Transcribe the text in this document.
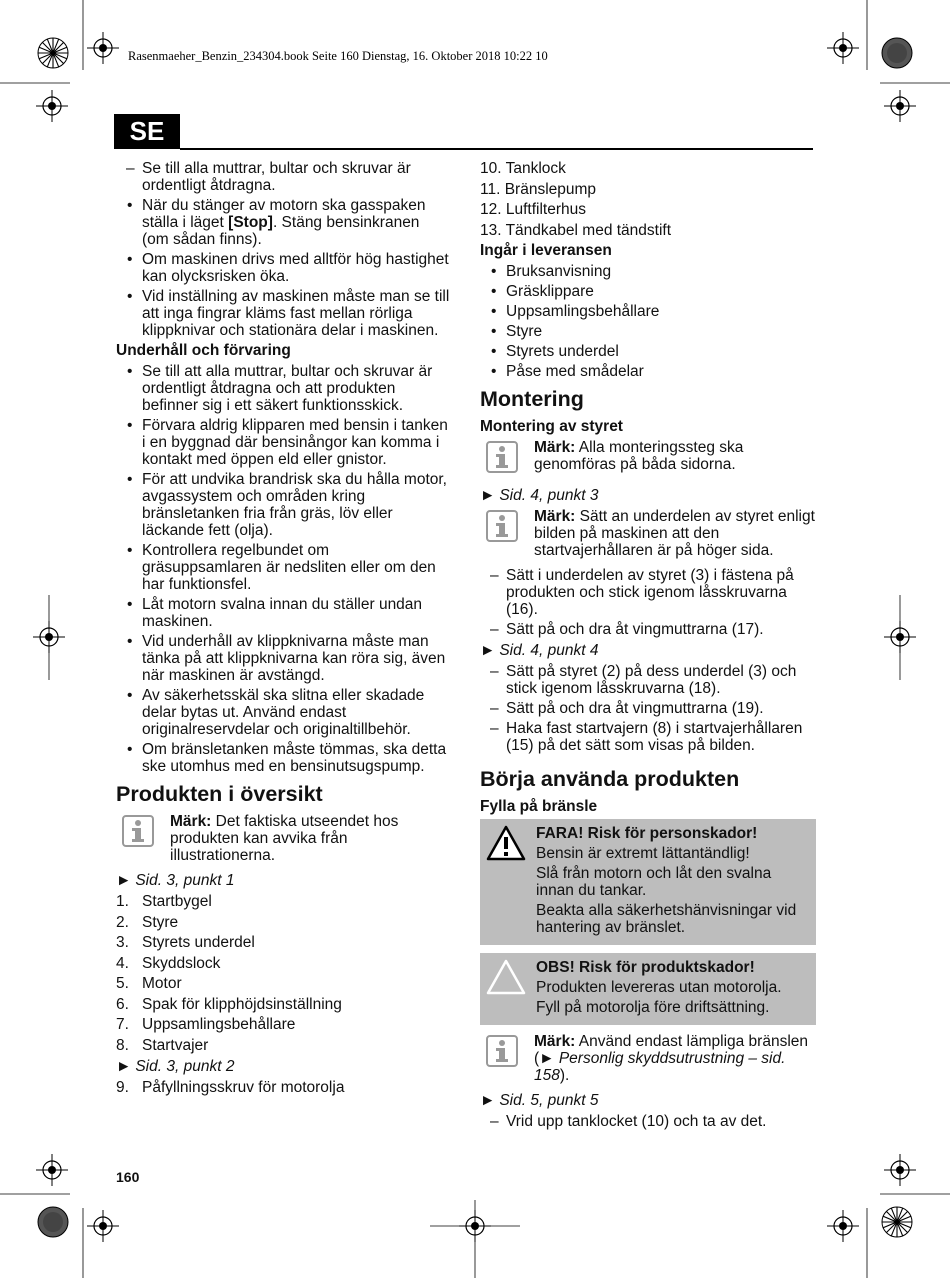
Rasenmaeher_Benzin_234304.book Seite 160 Dienstag, 16. Oktober 2018 10:22 10
SE

– Se till alla muttrar, bultar och skruvar är ordentligt åtdragna.

• När du stänger av motorn ska gasspaken ställa i läget [Stop]. Stäng bensinkranen (om sådan finns).

• Om maskinen drivs med alltför hög hastighet kan olycksrisken öka.

• Vid inställning av maskinen måste man se till att inga fingrar kläms fast mellan rörliga klippknivar och stationära delar i maskinen.

Underhåll och förvaring

• Se till att alla muttrar, bultar och skruvar är ordentligt åtdragna och att produkten befinner sig i ett säkert funktionsskick.

• Förvara aldrig klipparen med bensin i tanken i en byggnad där bensinångor kan komma i kontakt med öppen eld eller gnistor.

• För att undvika brandrisk ska du hålla motor, avgassystem och områden kring bränsletanken fria från gräs, löv eller läckande fett (olja).

• Kontrollera regelbundet om gräsuppsamlaren är nedsliten eller om den har funktionsfel.

• Låt motorn svalna innan du ställer undan maskinen.

• Vid underhåll av klippknivarna måste man tänka på att klippknivarna kan röra sig, även när maskinen är avstängd.

• Av säkerhetsskäl ska slitna eller skadade delar bytas ut. Använd endast originalreservdelar och originaltillbehör.

• Om bränsletanken måste tömmas, ska detta ske utomhus med en bensinutsugspump.

Produkten i översikt

Märk: Det faktiska utseendet hos produkten kan avvika från illustrationerna.

► Sid. 3, punkt 1

1. Startbygel

2. Styre

3. Styrets underdel

4. Skyddslock

5. Motor

6. Spak för klipphöjdsinställning

7. Uppsamlingsbehållare

8. Startvajer

► Sid. 3, punkt 2

9. Påfyllningsskruv för motorolja

10. Tanklock

11. Bränslepump

12. Luftfilterhus

13. Tändkabel med tändstift

Ingår i leveransen

• Bruksanvisning

• Gräsklippare

• Uppsamlingsbehållare

• Styre

• Styrets underdel

• Påse med smådelar

Montering

Montering av styret

Märk: Alla monteringssteg ska genomföras på båda sidorna.

► Sid. 4, punkt 3

Märk: Sätt an underdelen av styret enligt bilden på maskinen att den startvajerhållaren är på höger sida.

– Sätt i underdelen av styret (3) i fästena på produkten och stick igenom låsskruvarna (16).

– Sätt på och dra åt vingmuttrarna (17).

► Sid. 4, punkt 4

– Sätt på styret (2) på dess underdel (3) och stick igenom låsskruvarna (18).

– Sätt på och dra åt vingmuttrarna (19).

– Haka fast startvajern (8) i startvajerhållaren (15) på det sätt som visas på bilden.

Börja använda produkten

Fylla på bränsle

FARA! Risk för personskador!

Bensin är extremt lättantändlig!

Slå från motorn och låt den svalna innan du tankar.

Beakta alla säkerhetshänvisningar vid hantering av bränslet.

OBS! Risk för produktskador!

Produkten levereras utan motorolja.

Fyll på motorolja före driftsättning.

Märk: Använd endast lämpliga bränslen (► Personlig skyddsutrustning – sid. 158).

► Sid. 5, punkt 5

– Vrid upp tanklocket (10) och ta av det.

160
